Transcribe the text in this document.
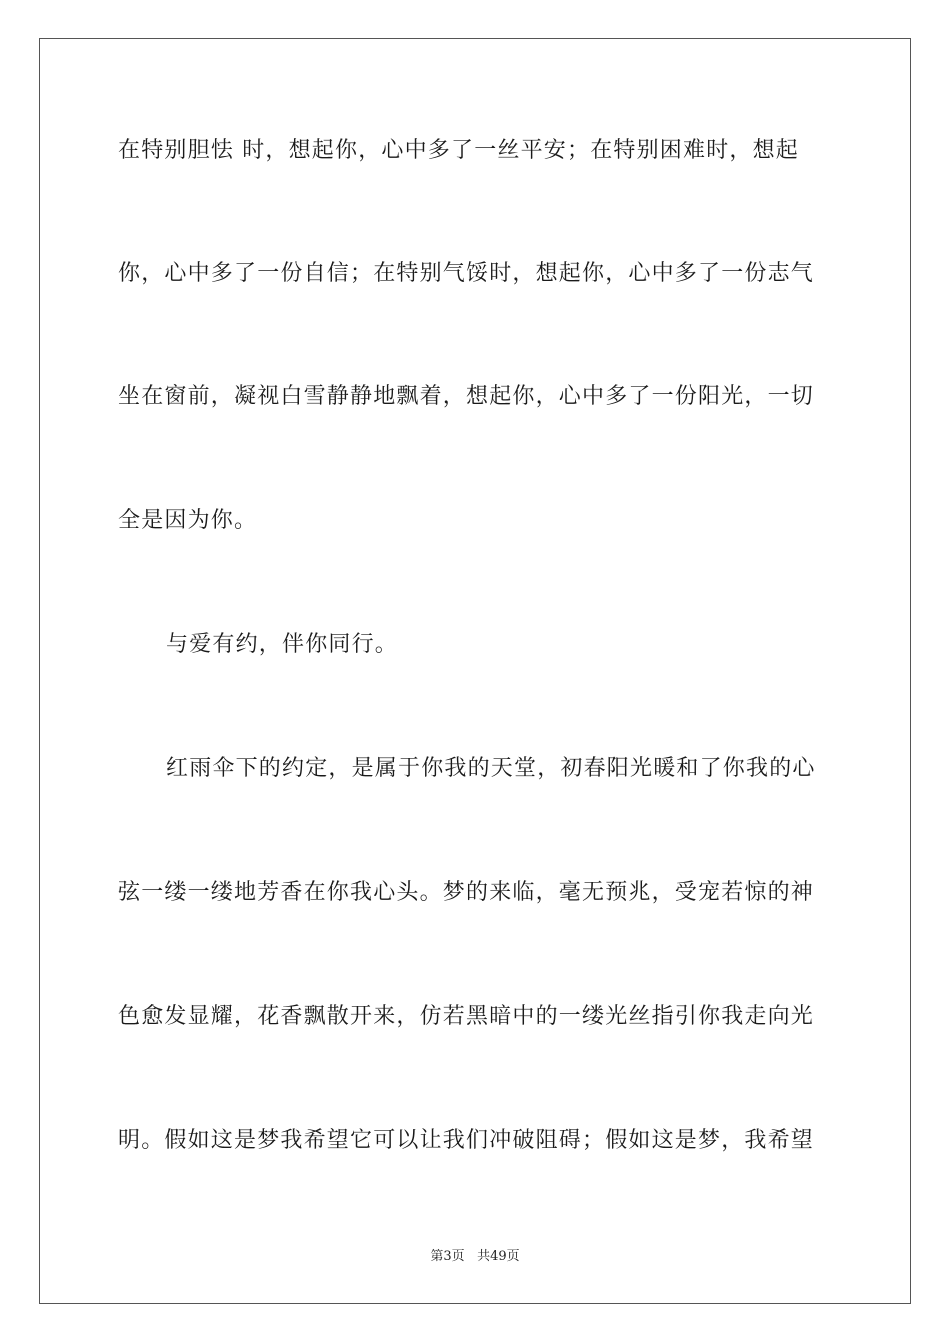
在特别胆怯 时，想起你，心中多了一丝平安；在特别困难时，想起
你，心中多了一份自信；在特别气馁时，想起你，心中多了一份志气
坐在窗前，凝视白雪静静地飘着，想起你，心中多了一份阳光，一切
全是因为你。
与爱有约，伴你同行。
红雨伞下的约定，是属于你我的天堂，初春阳光暖和了你我的心
弦一缕一缕地芳香在你我心头。梦的来临，毫无预兆，受宠若惊的神
色愈发显耀，花香飘散开来，仿若黑暗中的一缕光丝指引你我走向光
明。假如这是梦我希望它可以让我们冲破阻碍；假如这是梦，我希望
第3页 共49页
